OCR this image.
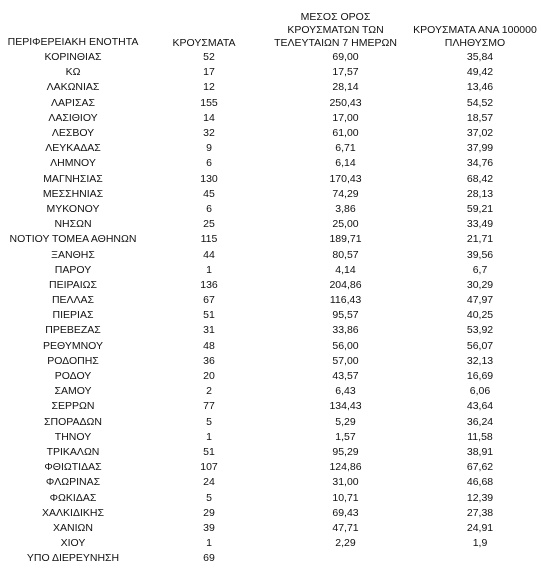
ΠΕΡΙΦΕΡΕΙΑΚΗ ΕΝΟΤΗΤΑ	ΚΡΟΥΣΜΑΤΑ	ΜΕΣΟΣ ΟΡΟΣ
ΚΡΟΥΣΜΑΤΩΝ ΤΩΝ
ΤΕΛΕΥΤΑΙΩΝ 7 ΗΜΕΡΩΝ	ΚΡΟΥΣΜΑΤΑ ΑΝΑ 100000
ΠΛΗΘΥΣΜΟ

ΚΟΡΙΝΘΙΑΣ	52	69,00	35,84
ΚΩ	17	17,57	49,42
ΛΑΚΩΝΙΑΣ	12	28,14	13,46
ΛΑΡΙΣΑΣ	155	250,43	54,52
ΛΑΣΙΘΙΟΥ	14	17,00	18,57
ΛΕΣΒΟΥ	32	61,00	37,02
ΛΕΥΚΑΔΑΣ	9	6,71	37,99
ΛΗΜΝΟΥ	6	6,14	34,76
ΜΑΓΝΗΣΙΑΣ	130	170,43	68,42
ΜΕΣΣΗΝΙΑΣ	45	74,29	28,13
ΜΥΚΟΝΟΥ	6	3,86	59,21
ΝΗΣΩΝ	25	25,00	33,49
ΝΟΤΙΟΥ ΤΟΜΕΑ ΑΘΗΝΩΝ	115	189,71	21,71
ΞΑΝΘΗΣ	44	80,57	39,56
ΠΑΡΟΥ	1	4,14	6,7
ΠΕΙΡΑΙΩΣ	136	204,86	30,29
ΠΕΛΛΑΣ	67	116,43	47,97
ΠΙΕΡΙΑΣ	51	95,57	40,25
ΠΡΕΒΕΖΑΣ	31	33,86	53,92
ΡΕΘΥΜΝΟΥ	48	56,00	56,07
ΡΟΔΟΠΗΣ	36	57,00	32,13
ΡΟΔΟΥ	20	43,57	16,69
ΣΑΜΟΥ	2	6,43	6,06
ΣΕΡΡΩΝ	77	134,43	43,64
ΣΠΟΡΑΔΩΝ	5	5,29	36,24
ΤΗΝΟΥ	1	1,57	11,58
ΤΡΙΚΑΛΩΝ	51	95,29	38,91
ΦΘΙΩΤΙΔΑΣ	107	124,86	67,62
ΦΛΩΡΙΝΑΣ	24	31,00	46,68
ΦΩΚΙΔΑΣ	5	10,71	12,39
ΧΑΛΚΙΔΙΚΗΣ	29	69,43	27,38
ΧΑΝΙΩΝ	39	47,71	24,91
ΧΙΟΥ	1	2,29	1,9
ΥΠΟ ΔΙΕΡΕΥΝΗΣΗ	69		
